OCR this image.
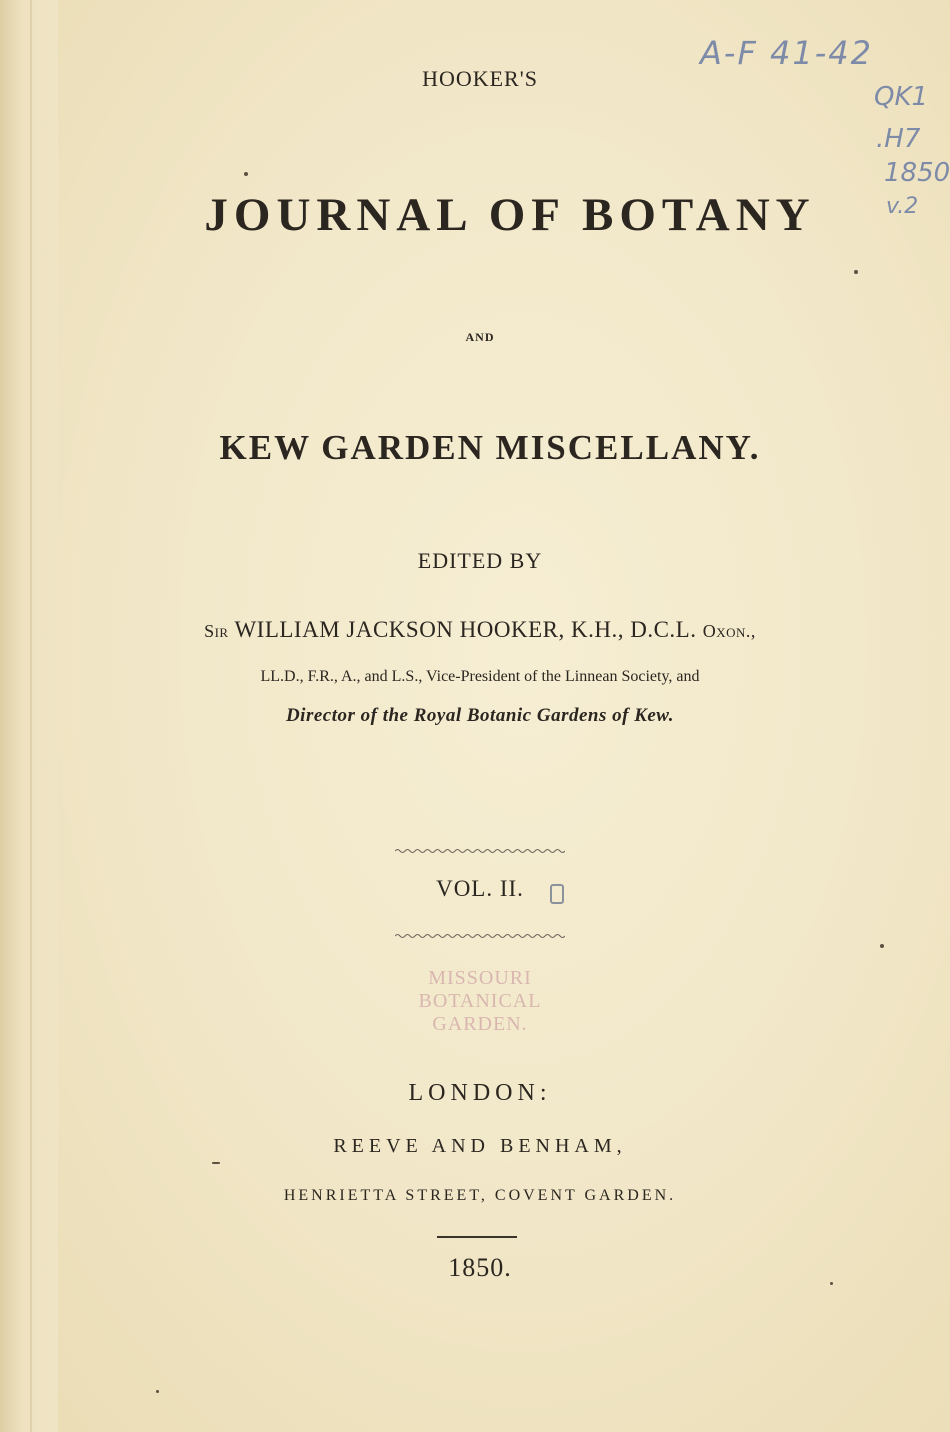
HOOKER'S
JOURNAL OF BOTANY
AND
KEW GARDEN MISCELLANY.
EDITED BY
Sir WILLIAM JACKSON HOOKER, K.H., D.C.L. Oxon.,
LL.D., F.R., A., and L.S., Vice-President of the Linnean Society, and
Director of the Royal Botanic Gardens of Kew.
VOL. II.
MISSOURI
BOTANICAL
GARDEN.
LONDON:
REEVE AND BENHAM,
HENRIETTA STREET, COVENT GARDEN.
1850.
A-F 41-42
QK1
.H7
1850
v.2
